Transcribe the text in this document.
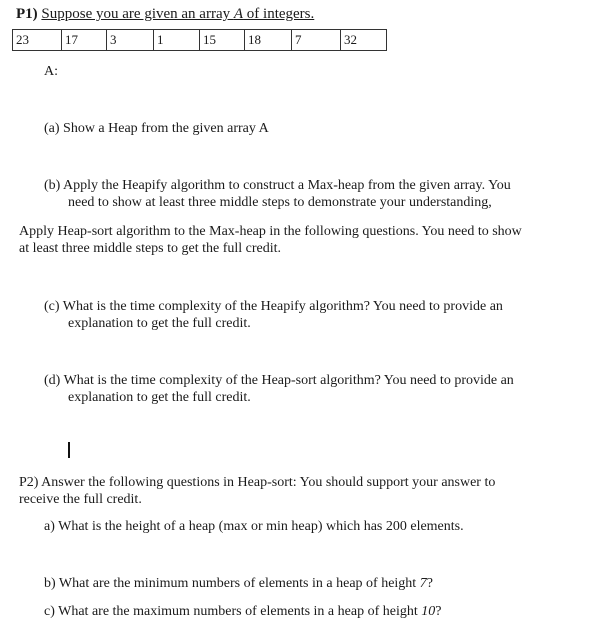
P1) Suppose you are given an array A of integers.
23	17	3	1	15	18	7	32
A:
(a) Show a Heap from the given array A
(b) Apply the Heapify algorithm to construct a Max-heap from the given array. You
need to show at least three middle steps to demonstrate your understanding,
Apply Heap-sort algorithm to the Max-heap in the following questions. You need to show
at least three middle steps to get the full credit.
(c) What is the time complexity of the Heapify algorithm? You need to provide an
explanation to get the full credit.
(d) What is the time complexity of the Heap-sort algorithm? You need to provide an
explanation to get the full credit.
P2) Answer the following questions in Heap-sort: You should support your answer to
receive the full credit.
a) What is the height of a heap (max or min heap) which has 200 elements.
b) What are the minimum numbers of elements in a heap of height 7?
c) What are the maximum numbers of elements in a heap of height 10?
